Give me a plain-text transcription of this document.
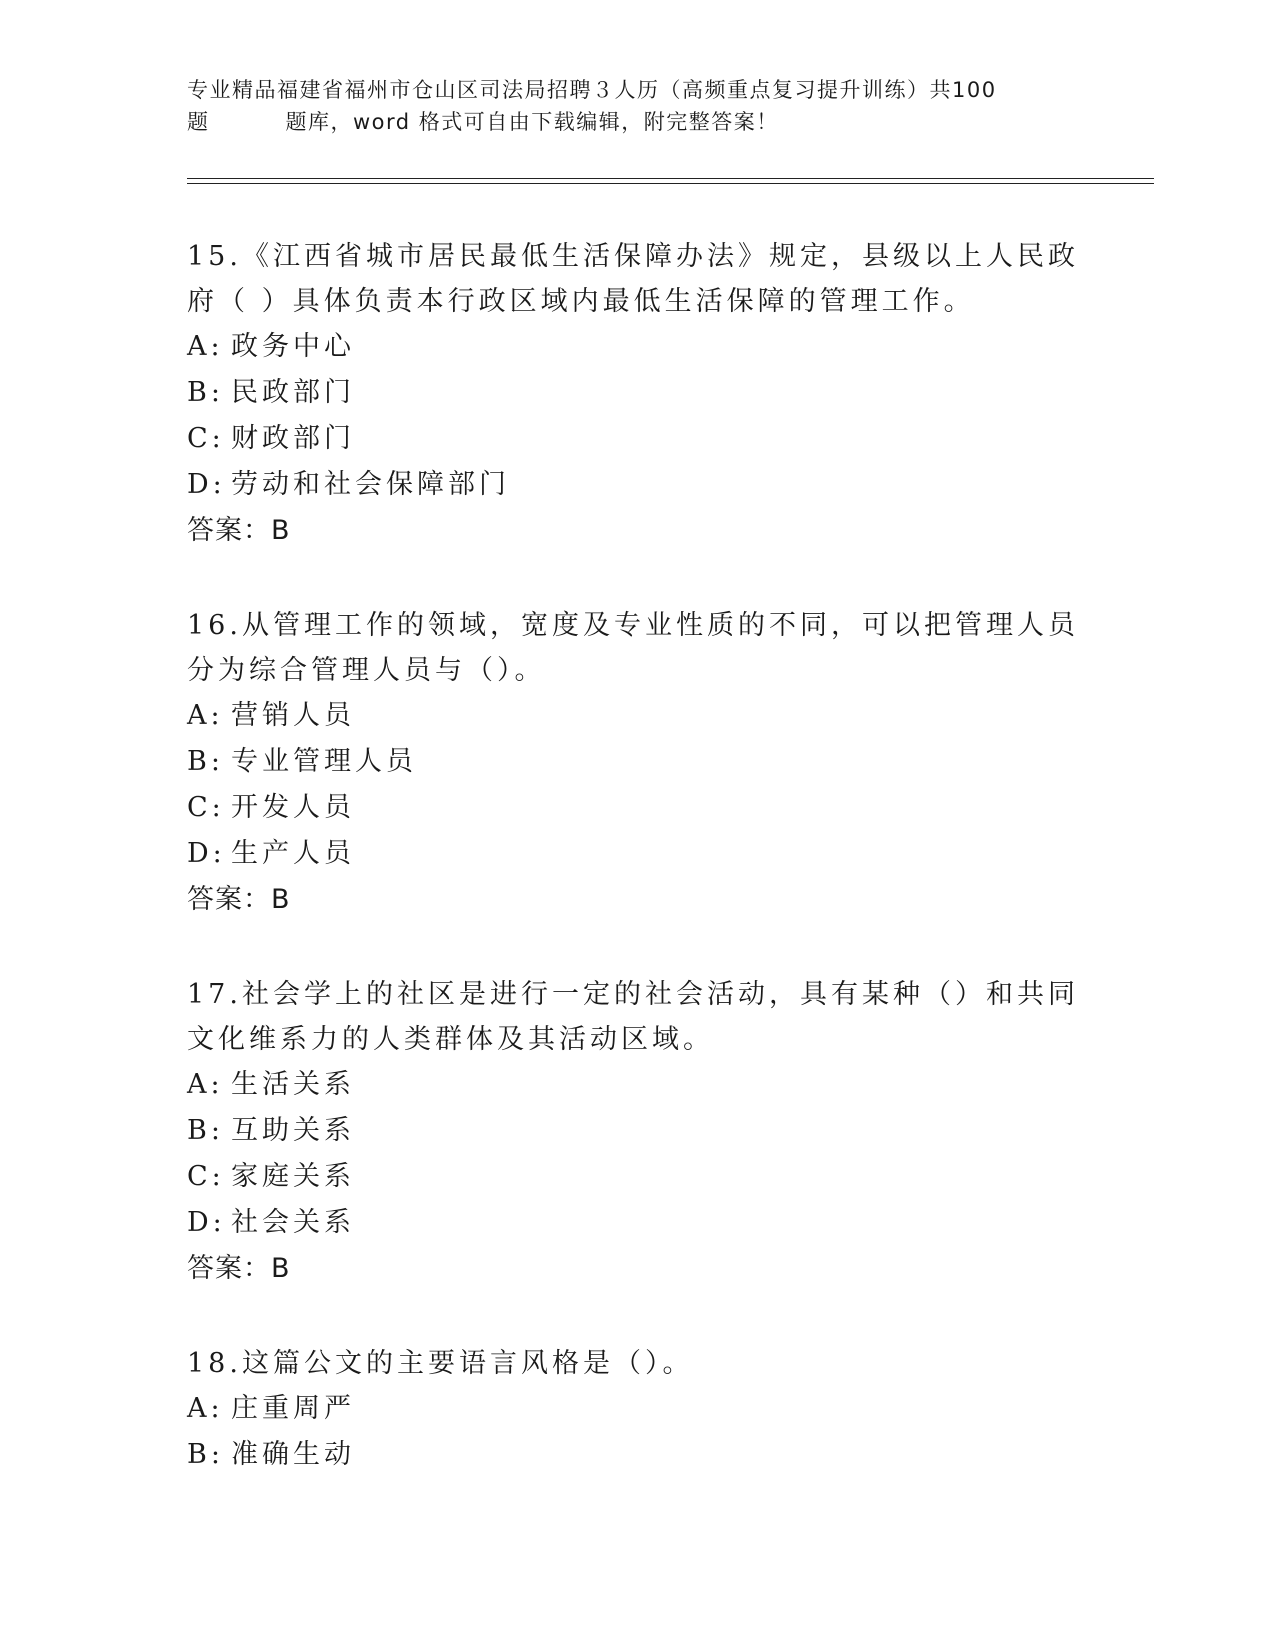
专业精品福建省福州市仓山区司法局招聘３人历（高频重点复习提升训练）共100
题	题库，word 格式可自由下载编辑，附完整答案！
15.《江西省城市居民最低生活保障办法》规定，县级以上人民政府（ ）具体负责本行政区域内最低生活保障的管理工作。
A: 政务中心
B: 民政部门
C: 财政部门
D: 劳动和社会保障部门
答案：B
16.从管理工作的领域，宽度及专业性质的不同，可以把管理人员分为综合管理人员与（）。
A: 营销人员
B: 专业管理人员
C: 开发人员
D: 生产人员
答案：B
17.社会学上的社区是进行一定的社会活动，具有某种（）和共同文化维系力的人类群体及其活动区域。
A: 生活关系
B: 互助关系
C: 家庭关系
D: 社会关系
答案：B
18.这篇公文的主要语言风格是（）。
A: 庄重周严
B: 准确生动
